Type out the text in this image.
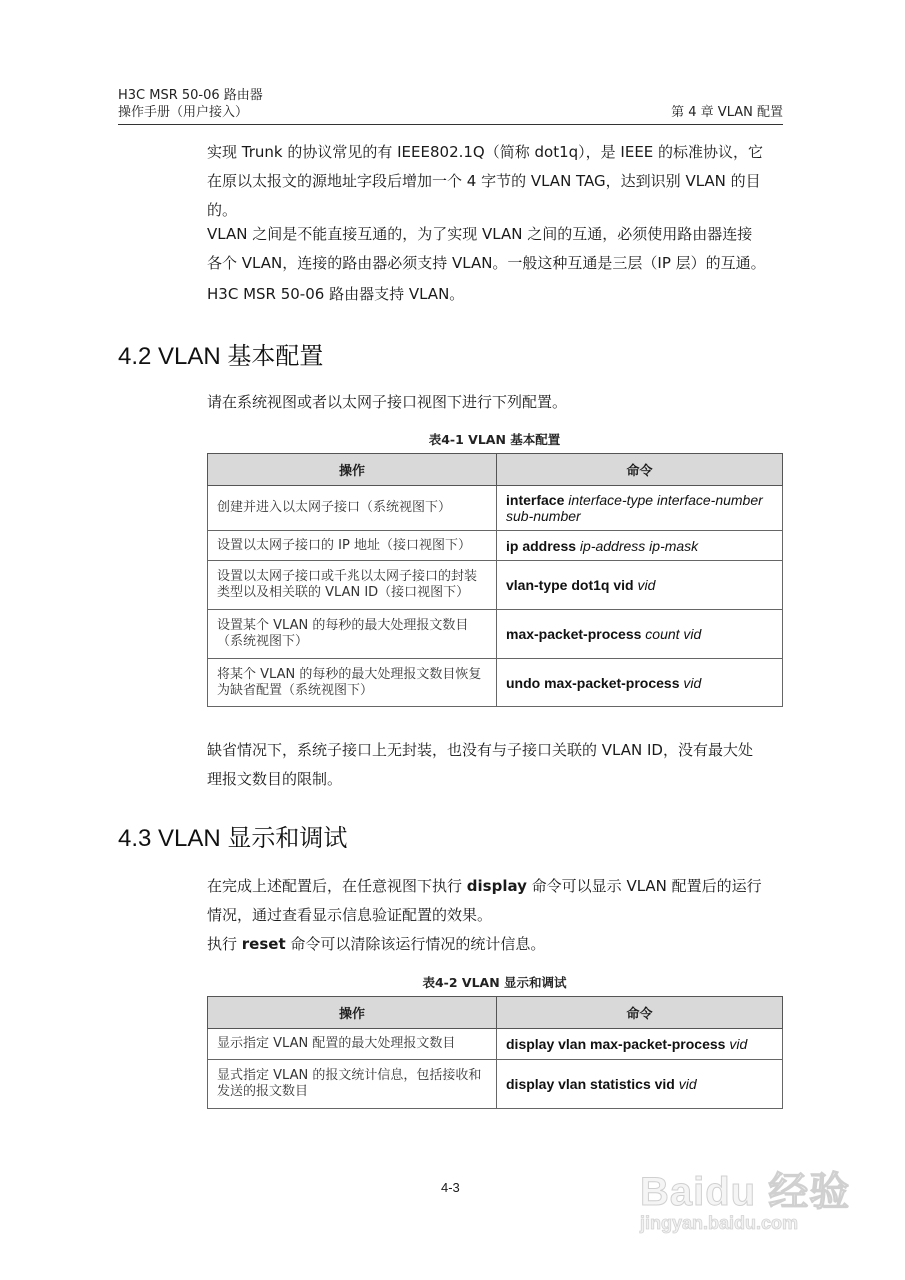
H3C MSR 50-06 路由器
操作手册（用户接入）	第 4 章 VLAN 配置
实现 Trunk 的协议常见的有 IEEE802.1Q（简称 dot1q），是 IEEE 的标准协议，它
在原以太报文的源地址字段后增加一个 4 字节的 VLAN TAG，达到识别 VLAN 的目
的。
VLAN 之间是不能直接互通的，为了实现 VLAN 之间的互通，必须使用路由器连接
各个 VLAN，连接的路由器必须支持 VLAN。一般这种互通是三层（IP 层）的互通。
H3C MSR 50-06 路由器支持 VLAN。
4.2 VLAN 基本配置
请在系统视图或者以太网子接口视图下进行下列配置。
表4-1 VLAN 基本配置
操作	命令
创建并进入以太网子接口（系统视图下）	interface interface-type interface-number sub-number
设置以太网子接口的 IP 地址（接口视图下）	ip address ip-address ip-mask
设置以太网子接口或千兆以太网子接口的封装类型以及相关联的 VLAN ID（接口视图下）	vlan-type dot1q vid vid
设置某个 VLAN 的每秒的最大处理报文数目（系统视图下）	max-packet-process count vid
将某个 VLAN 的每秒的最大处理报文数目恢复为缺省配置（系统视图下）	undo max-packet-process vid
缺省情况下，系统子接口上无封装，也没有与子接口关联的 VLAN ID，没有最大处
理报文数目的限制。
4.3 VLAN 显示和调试
在完成上述配置后，在任意视图下执行 display 命令可以显示 VLAN 配置后的运行
情况，通过查看显示信息验证配置的效果。
执行 reset 命令可以清除该运行情况的统计信息。
表4-2 VLAN 显示和调试
操作	命令
显示指定 VLAN 配置的最大处理报文数目	display vlan max-packet-process vid
显式指定 VLAN 的报文统计信息，包括接收和发送的报文数目	display vlan statistics vid vid
4-3	Baidu 经验
jingyan.baidu.com
